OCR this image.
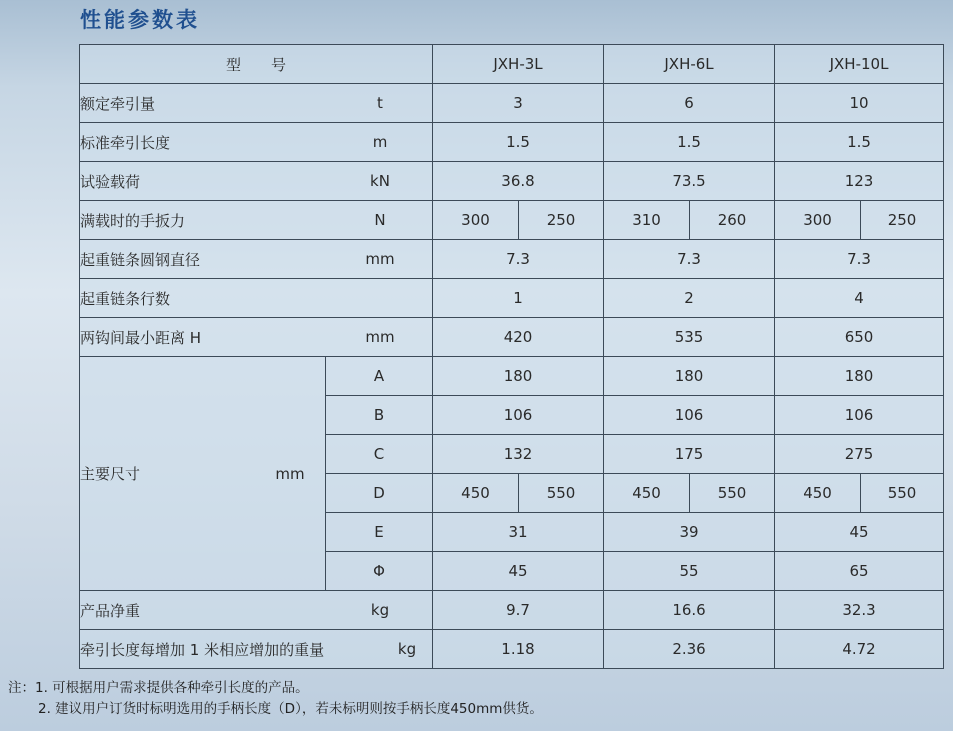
性能参数表
型 号		JXH-3L		JXH-6L		JXH-10L	

额定牵引量 t		3		6		10	

标准牵引长度 m		1.5		1.5		1.5	

试验载荷 kN		36.8		73.5		123	

满载时的手扳力 N		300	250	310	260	300	250

起重链条圆钢直径 mm		7.3		7.3		7.3	

起重链条行数		1		2		4	

两钩间最小距离 H mm		420		535		650	

主要尺寸 mm	A	180		180		180	
	B	106		106		106	
	C	132		175		275	
	D	450	550	450	550	450	550
	E	31		39		45	
	Φ	45		55		65	

产品净重 kg		9.7		16.6		32.3	

牵引长度每增加 1 米相应增加的重量 kg		1.18		2.36		4.72	
注：1. 可根据用户需求提供各种牵引长度的产品。
2. 建议用户订货时标明选用的手柄长度（D），若未标明则按手柄长度450mm供货。
